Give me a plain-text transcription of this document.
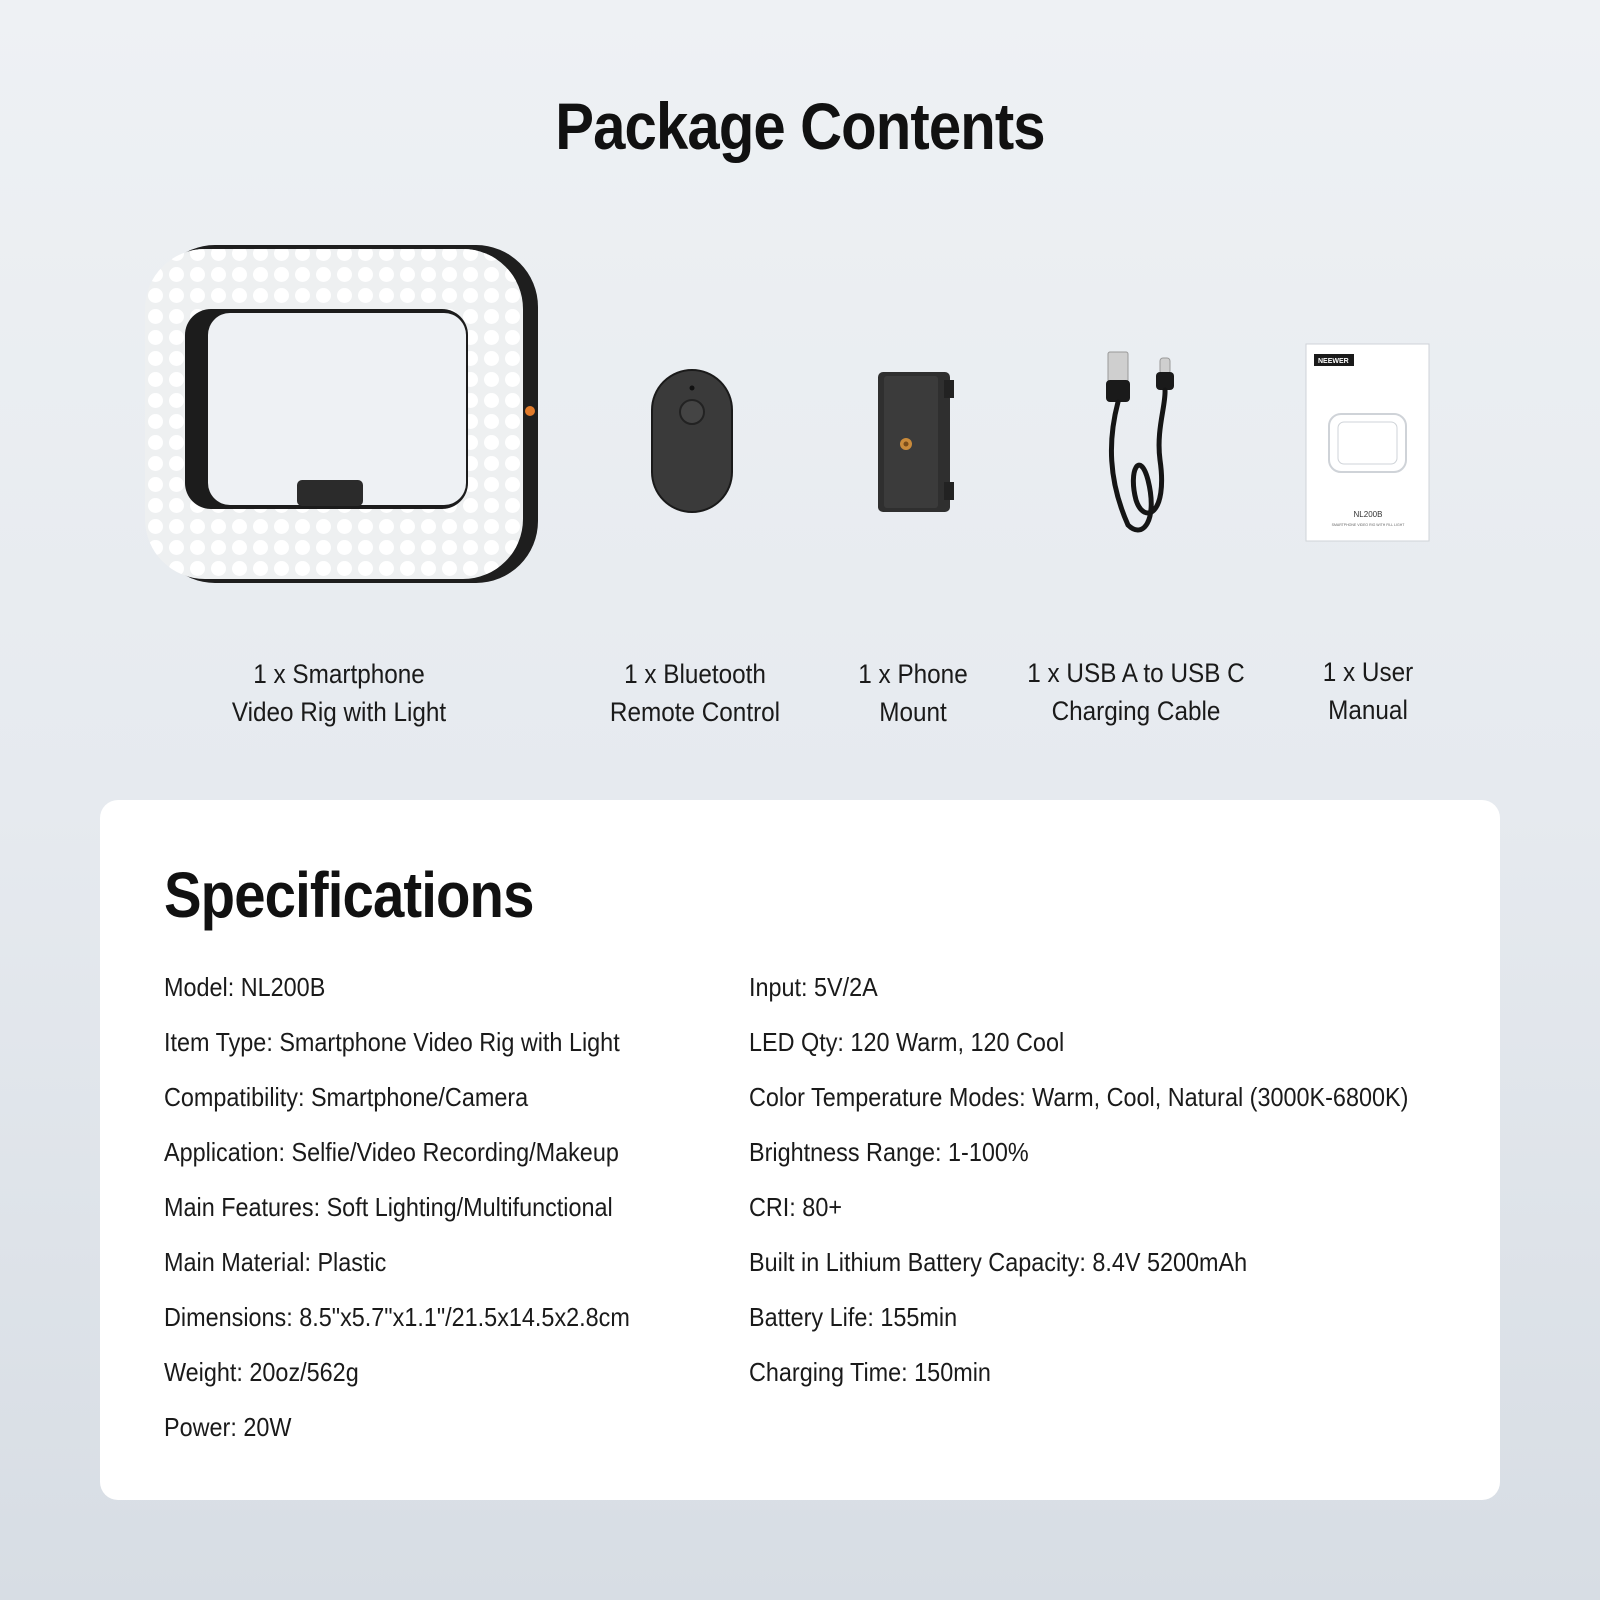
Package Contents
NEEWER
NL200B
SMARTPHONE VIDEO RIG WITH FILL LIGHT
1 x Smartphone
Video Rig with Light
1 x Bluetooth
Remote Control
1 x Phone
Mount
1 x USB A to USB C
Charging Cable
1 x User
Manual
Specifications
Model: NL200B
Item Type: Smartphone Video Rig with Light
Compatibility: Smartphone/Camera
Application: Selfie/Video Recording/Makeup
Main Features: Soft Lighting/Multifunctional
Main Material: Plastic
Dimensions: 8.5"x5.7"x1.1"/21.5x14.5x2.8cm
Weight: 20oz/562g
Power: 20W
Input: 5V/2A
LED Qty: 120 Warm, 120 Cool
Color Temperature Modes: Warm, Cool, Natural (3000K-6800K)
Brightness Range: 1-100%
CRI: 80+
Built in Lithium Battery Capacity: 8.4V 5200mAh
Battery Life: 155min
Charging Time: 150min
